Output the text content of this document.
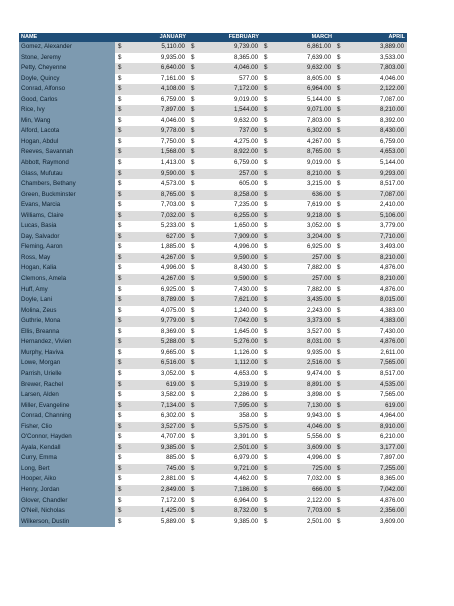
NAME	JANUARY		FEBRUARY		MARCH		APRIL	
Gomez, Alexander	$	5,110.00	$	9,739.00	$	6,861.00	$	3,889.00
Stone, Jeremy	$	9,935.00	$	8,365.00	$	7,639.00	$	3,533.00
Petty, Cheyenne	$	6,640.00	$	4,046.00	$	9,632.00	$	7,803.00
Doyle, Quincy	$	7,161.00	$	577.00	$	8,605.00	$	4,046.00
Conrad, Alfonso	$	4,108.00	$	7,172.00	$	6,964.00	$	2,122.00
Good, Carlos	$	6,759.00	$	9,019.00	$	5,144.00	$	7,087.00
Rice, Ivy	$	7,897.00	$	1,544.00	$	9,071.00	$	8,210.00
Min, Wang	$	4,046.00	$	9,632.00	$	7,803.00	$	8,392.00
Alford, Lacota	$	9,778.00	$	737.00	$	6,302.00	$	8,430.00
Hogan, Abdul	$	7,750.00	$	4,275.00	$	4,267.00	$	6,759.00
Reeves, Savannah	$	1,568.00	$	8,922.00	$	8,765.00	$	4,653.00
Abbott, Raymond	$	1,413.00	$	6,759.00	$	9,019.00	$	5,144.00
Glass, Mufutau	$	9,590.00	$	257.00	$	8,210.00	$	9,293.00
Chambers, Bethany	$	4,573.00	$	605.00	$	3,215.00	$	8,517.00
Green, Buckminster	$	8,765.00	$	8,258.00	$	636.00	$	7,087.00
Evans, Marcia	$	7,703.00	$	7,235.00	$	7,619.00	$	2,410.00
Williams, Claire	$	7,032.00	$	6,255.00	$	9,218.00	$	5,106.00
Lucas, Basia	$	5,233.00	$	1,650.00	$	3,052.00	$	3,779.00
Day, Salvador	$	627.00	$	7,909.00	$	3,204.00	$	7,710.00
Fleming, Aaron	$	1,885.00	$	4,996.00	$	6,925.00	$	3,493.00
Ross, May	$	4,267.00	$	9,590.00	$	257.00	$	8,210.00
Hogan, Kalia	$	4,996.00	$	8,430.00	$	7,882.00	$	4,876.00
Clemons, Amela	$	4,267.00	$	9,590.00	$	257.00	$	8,210.00
Huff, Amy	$	6,925.00	$	7,430.00	$	7,882.00	$	4,876.00
Doyle, Lani	$	8,789.00	$	7,621.00	$	3,435.00	$	8,015.00
Molina, Zeus	$	4,075.00	$	1,240.00	$	2,243.00	$	4,383.00
Guthrie, Mona	$	9,779.00	$	7,042.00	$	3,373.00	$	4,383.00
Ellis, Breanna	$	8,369.00	$	1,645.00	$	3,527.00	$	7,430.00
Hernandez, Vivien	$	5,288.00	$	5,276.00	$	8,031.00	$	4,876.00
Murphy, Haviva	$	9,665.00	$	1,126.00	$	9,935.00	$	2,611.00
Lowe, Morgan	$	6,516.00	$	1,112.00	$	2,516.00	$	7,565.00
Parrish, Urielle	$	3,052.00	$	4,653.00	$	9,474.00	$	8,517.00
Brewer, Rachel	$	619.00	$	5,319.00	$	8,891.00	$	4,535.00
Larsen, Alden	$	3,582.00	$	2,286.00	$	3,898.00	$	7,565.00
Miller, Evangeline	$	7,134.00	$	7,595.00	$	7,130.00	$	619.00
Conrad, Channing	$	6,302.00	$	358.00	$	9,943.00	$	4,964.00
Fisher, Clio	$	3,527.00	$	5,575.00	$	4,046.00	$	8,910.00
O'Connor, Hayden	$	4,707.00	$	3,391.00	$	5,556.00	$	6,210.00
Ayala, Kendall	$	9,385.00	$	2,501.00	$	3,609.00	$	3,177.00
Curry, Emma	$	885.00	$	6,979.00	$	4,996.00	$	7,897.00
Long, Bert	$	745.00	$	9,721.00	$	725.00	$	7,255.00
Hooper, Aiko	$	2,881.00	$	4,462.00	$	7,032.00	$	8,365.00
Henry, Jordan	$	2,849.00	$	7,186.00	$	666.00	$	7,042.00
Glover, Chandler	$	7,172.00	$	6,964.00	$	2,122.00	$	4,876.00
O'Neil, Nicholas	$	1,425.00	$	8,732.00	$	7,703.00	$	2,356.00
Wilkerson, Dustin	$	5,889.00	$	9,385.00	$	2,501.00	$	3,609.00
